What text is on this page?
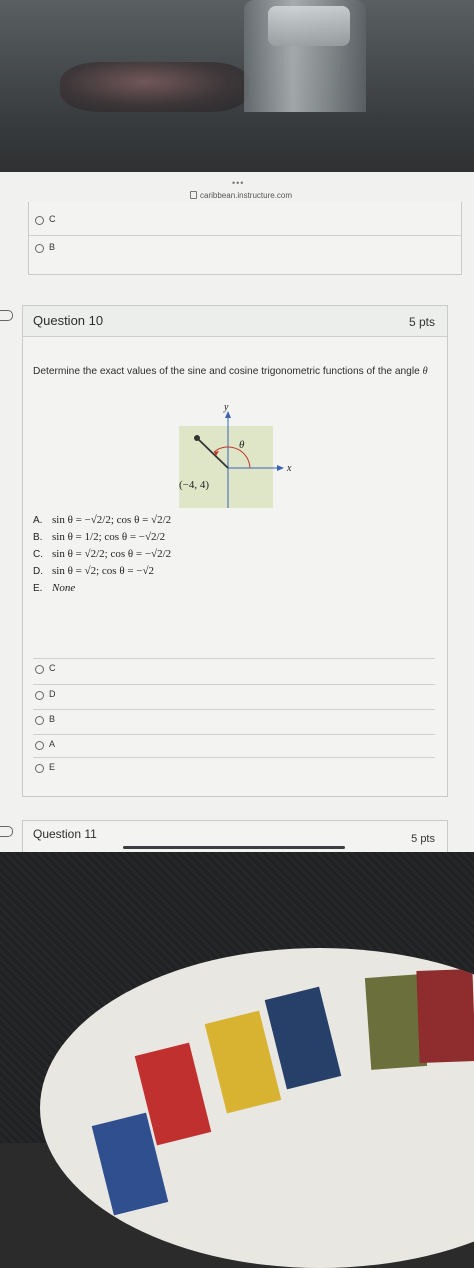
•••
caribbean.instructure.com
C
B
Question 10	5 pts
Determine the exact values of the sine and cosine trigonometric functions of the angle θ
y
x
θ
(−4, 4)
A. sin θ = −√2/2; cos θ = √2/2
B. sin θ = 1/2; cos θ = −√2/2
C. sin θ = √2/2; cos θ = −√2/2
D. sin θ = √2; cos θ = −√2
E. None
C
D
B
A
E
Question 11	5 pts
